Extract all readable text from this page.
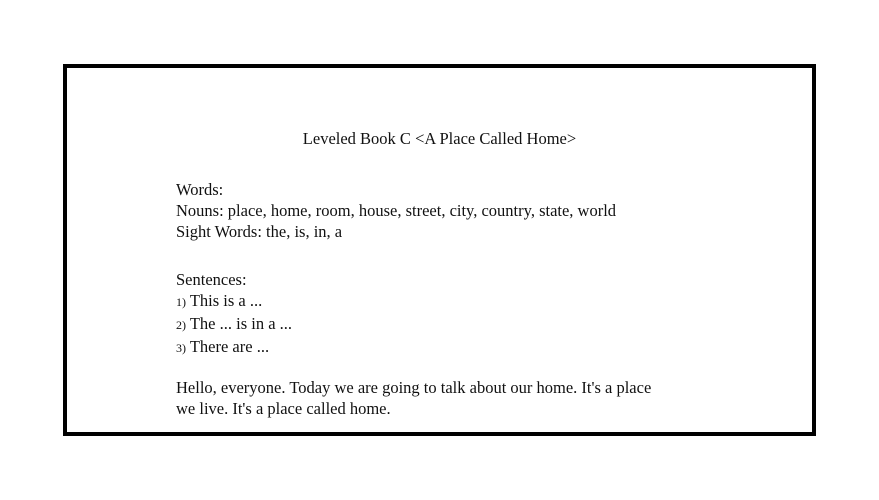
Leveled Book C <A Place Called Home>
Words:
Nouns: place, home, room, house, street, city, country, state, world
Sight Words: the, is, in, a
Sentences:
1) This is a ...
2) The ... is in a ...
3) There are ...
Hello, everyone. Today we are going to talk about our home. It's a place
we live. It's a place called home.
